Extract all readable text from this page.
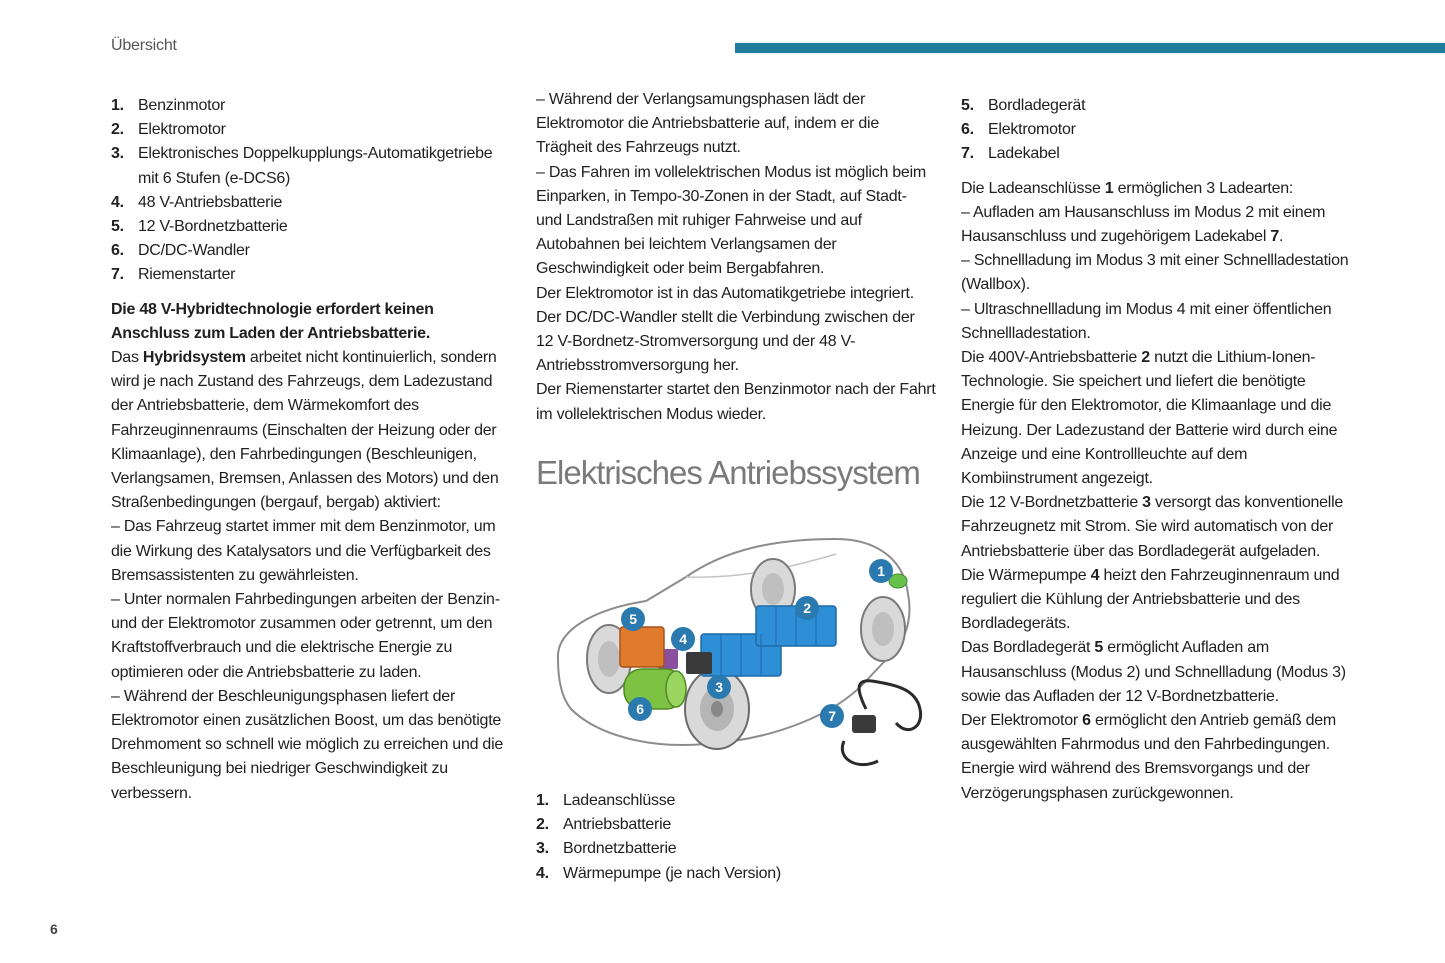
Übersicht
1. Benzinmotor
2. Elektromotor
3. Elektronisches Doppelkupplungs-Automatikgetriebe mit 6 Stufen (e-DCS6)
4. 48 V-Antriebsbatterie
5. 12 V-Bordnetzbatterie
6. DC/DC-Wandler
7. Riemenstarter

Die 48 V-Hybridtechnologie erfordert keinen Anschluss zum Laden der Antriebsbatterie.

Das Hybridsystem arbeitet nicht kontinuierlich, sondern wird je nach Zustand des Fahrzeugs, dem Ladezustand der Antriebsbatterie, dem Wärmekomfort des Fahrzeuginnenraums (Einschalten der Heizung oder der Klimaanlage), den Fahrbedingungen (Beschleunigen, Verlangsamen, Bremsen, Anlassen des Motors) und den Straßenbedingungen (bergauf, bergab) aktiviert:

– Das Fahrzeug startet immer mit dem Benzinmotor, um die Wirkung des Katalysators und die Verfügbarkeit des Bremsassistenten zu gewährleisten.

– Unter normalen Fahrbedingungen arbeiten der Benzin- und der Elektromotor zusammen oder getrennt, um den Kraftstoffverbrauch und die elektrische Energie zu optimieren oder die Antriebsbatterie zu laden.

– Während der Beschleunigungsphasen liefert der Elektromotor einen zusätzlichen Boost, um das benötigte Drehmoment so schnell wie möglich zu erreichen und die Beschleunigung bei niedriger Geschwindigkeit zu verbessern.

– Während der Verlangsamungsphasen lädt der Elektromotor die Antriebsbatterie auf, indem er die Trägheit des Fahrzeugs nutzt.

– Das Fahren im vollelektrischen Modus ist möglich beim Einparken, in Tempo-30-Zonen in der Stadt, auf Stadt- und Landstraßen mit ruhiger Fahrweise und auf Autobahnen bei leichtem Verlangsamen der Geschwindigkeit oder beim Bergabfahren.

Der Elektromotor ist in das Automatikgetriebe integriert.

Der DC/DC-Wandler stellt die Verbindung zwischen der 12 V-Bordnetz-Stromversorgung und der 48 V-Antriebsstromversorgung her.

Der Riemenstarter startet den Benzinmotor nach der Fahrt im vollelektrischen Modus wieder.

Elektrisches Antriebssystem
1
2
3
4
5
6	7
1. Ladeanschlüsse
2. Antriebsbatterie
3. Bordnetzbatterie
4. Wärmepumpe (je nach Version)
5. Bordladegerät
6. Elektromotor
7. Ladekabel

Die Ladeanschlüsse 1 ermöglichen 3 Ladearten:

– Aufladen am Hausanschluss im Modus 2 mit einem Hausanschluss und zugehörigem Ladekabel 7.

– Schnellladung im Modus 3 mit einer Schnellladestation (Wallbox).

– Ultraschnellladung im Modus 4 mit einer öffentlichen Schnellladestation.

Die 400V-Antriebsbatterie 2 nutzt die Lithium-Ionen-Technologie. Sie speichert und liefert die benötigte Energie für den Elektromotor, die Klimaanlage und die Heizung. Der Ladezustand der Batterie wird durch eine Anzeige und eine Kontrollleuchte auf dem Kombiinstrument angezeigt.

Die 12 V-Bordnetzbatterie 3 versorgt das konventionelle Fahrzeugnetz mit Strom. Sie wird automatisch von der Antriebsbatterie über das Bordladegerät aufgeladen.

Die Wärmepumpe 4 heizt den Fahrzeuginnenraum und reguliert die Kühlung der Antriebsbatterie und des Bordladegeräts.

Das Bordladegerät 5 ermöglicht Aufladen am Hausanschluss (Modus 2) und Schnellladung (Modus 3) sowie das Aufladen der 12 V-Bordnetzbatterie.

Der Elektromotor 6 ermöglicht den Antrieb gemäß dem ausgewählten Fahrmodus und den Fahrbedingungen. Energie wird während des Bremsvorgangs und der Verzögerungsphasen zurückgewonnen.

6
